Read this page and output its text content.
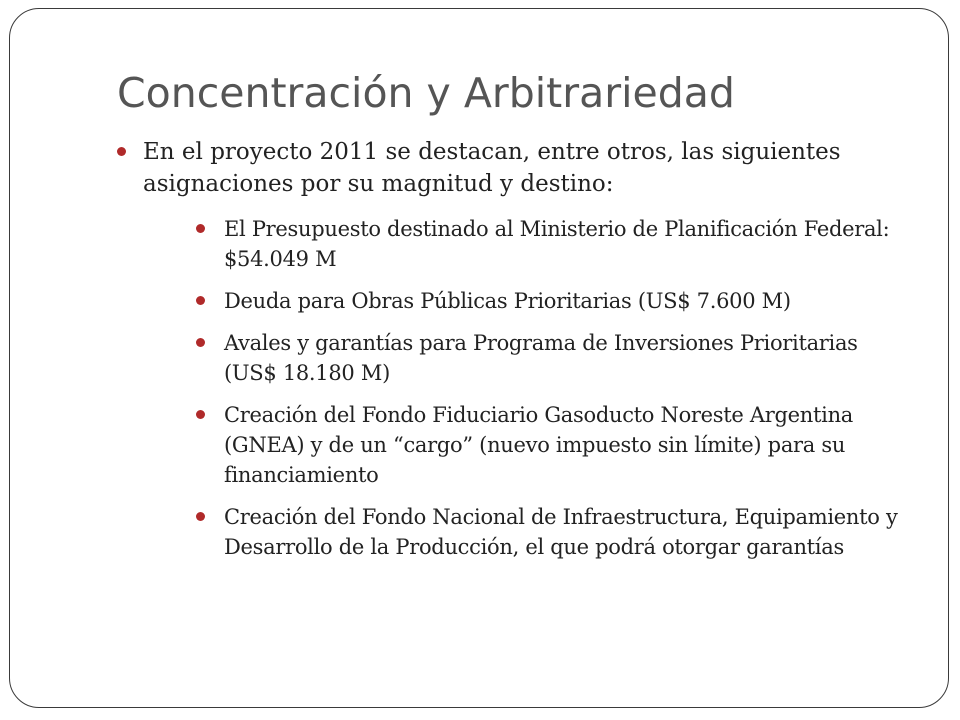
Concentración y Arbitrariedad
En el proyecto 2011 se destacan, entre otros, las siguientes asignaciones por su magnitud y destino:
El Presupuesto destinado al Ministerio de Planificación Federal: $54.049 M
Deuda para Obras Públicas Prioritarias (US$ 7.600 M)
Avales y garantías para Programa de Inversiones Prioritarias (US$ 18.180 M)
Creación del Fondo Fiduciario Gasoducto Noreste Argentina (GNEA) y de un “cargo” (nuevo impuesto sin límite) para su financiamiento
Creación del Fondo Nacional de Infraestructura, Equipamiento y Desarrollo de la Producción, el que podrá otorgar garantías
